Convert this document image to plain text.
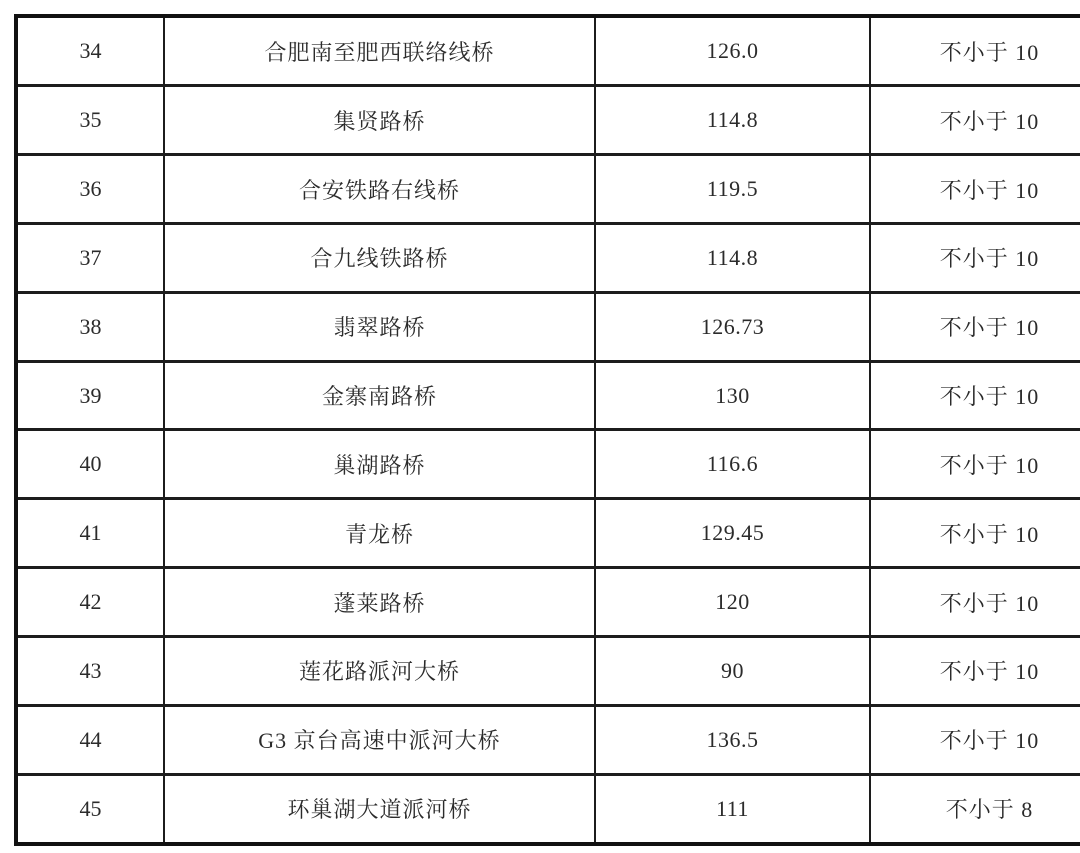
34	合肥南至肥西联络线桥	126.0	不小于 10
35	集贤路桥	114.8	不小于 10
36	合安铁路右线桥	119.5	不小于 10
37	合九线铁路桥	114.8	不小于 10
38	翡翠路桥	126.73	不小于 10
39	金寨南路桥	130	不小于 10
40	巢湖路桥	116.6	不小于 10
41	青龙桥	129.45	不小于 10
42	蓬莱路桥	120	不小于 10
43	莲花路派河大桥	90	不小于 10
44	G3 京台高速中派河大桥	136.5	不小于 10
45	环巢湖大道派河桥	111	不小于 8
